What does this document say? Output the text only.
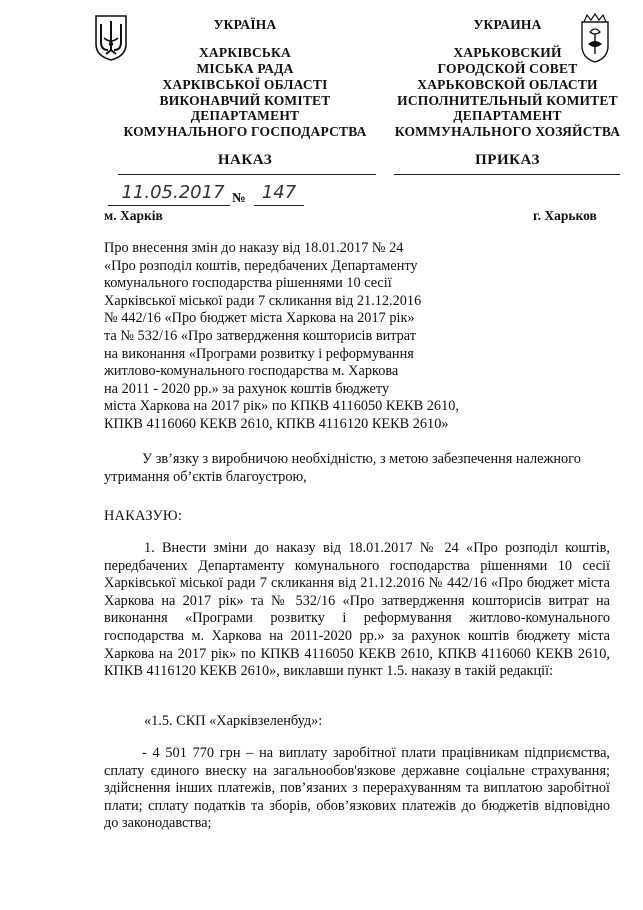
УКРАЇНА
ХАРКІВСЬКА
МІСЬКА РАДА
ХАРКІВСЬКОЇ ОБЛАСТІ
ВИКОНАВЧИЙ КОМІТЕТ
ДЕПАРТАМЕНТ
КОМУНАЛЬНОГО ГОСПОДАРСТВА
УКРАИНА
ХАРЬКОВСКИЙ
ГОРОДСКОЙ СОВЕТ
ХАРЬКОВСКОЙ ОБЛАСТИ
ИСПОЛНИТЕЛЬНЫЙ КОМИТЕТ
ДЕПАРТАМЕНТ
КОММУНАЛЬНОГО ХОЗЯЙСТВА
НАКАЗ	ПРИКАЗ
11.05.2017 № 147
м. Харків	г. Харьков
Про внесення змін до наказу від 18.01.2017 № 24
«Про розподіл коштів, передбачених Департаменту
комунального господарства рішеннями 10 сесії
Харківської міської ради 7 скликання від 21.12.2016
№ 442/16 «Про бюджет міста Харкова на 2017 рік»
та № 532/16 «Про затвердження кошторисів витрат
на виконання «Програми розвитку і реформування
житлово-комунального господарства м. Харкова
на 2011 - 2020 рр.» за рахунок коштів бюджету
міста Харкова на 2017 рік» по КПКВ 4116050 КЕКВ 2610,
КПКВ 4116060 КЕКВ 2610, КПКВ 4116120 КЕКВ 2610»
У зв’язку з виробничою необхідністю, з метою забезпечення належного утримання об’єктів благоустрою,
НАКАЗУЮ:
1. Внести зміни до наказу від 18.01.2017 № 24 «Про розподіл коштів, передбачених Департаменту комунального господарства рішеннями 10 сесії Харківської міської ради 7 скликання від 21.12.2016 № 442/16 «Про бюджет міста Харкова на 2017 рік» та № 532/16 «Про затвердження кошторисів витрат на виконання «Програми розвитку і реформування житлово-комунального господарства м. Харкова на 2011-2020 рр.» за рахунок коштів бюджету міста Харкова на 2017 рік» по КПКВ 4116050 КЕКВ 2610, КПКВ 4116060 КЕКВ 2610, КПКВ 4116120 КЕКВ 2610», виклавши пункт 1.5. наказу в такій редакції:
«1.5. СКП «Харківзеленбуд»:
- 4 501 770 грн – на виплату заробітної плати працівникам підприємства, сплату єдиного внеску на загальнообов'язкове державне соціальне страхування; здійснення інших платежів, пов’язаних з перерахуванням та виплатою заробітної плати; сплату податків та зборів, обов’язкових платежів до бюджетів відповідно до законодавства;
